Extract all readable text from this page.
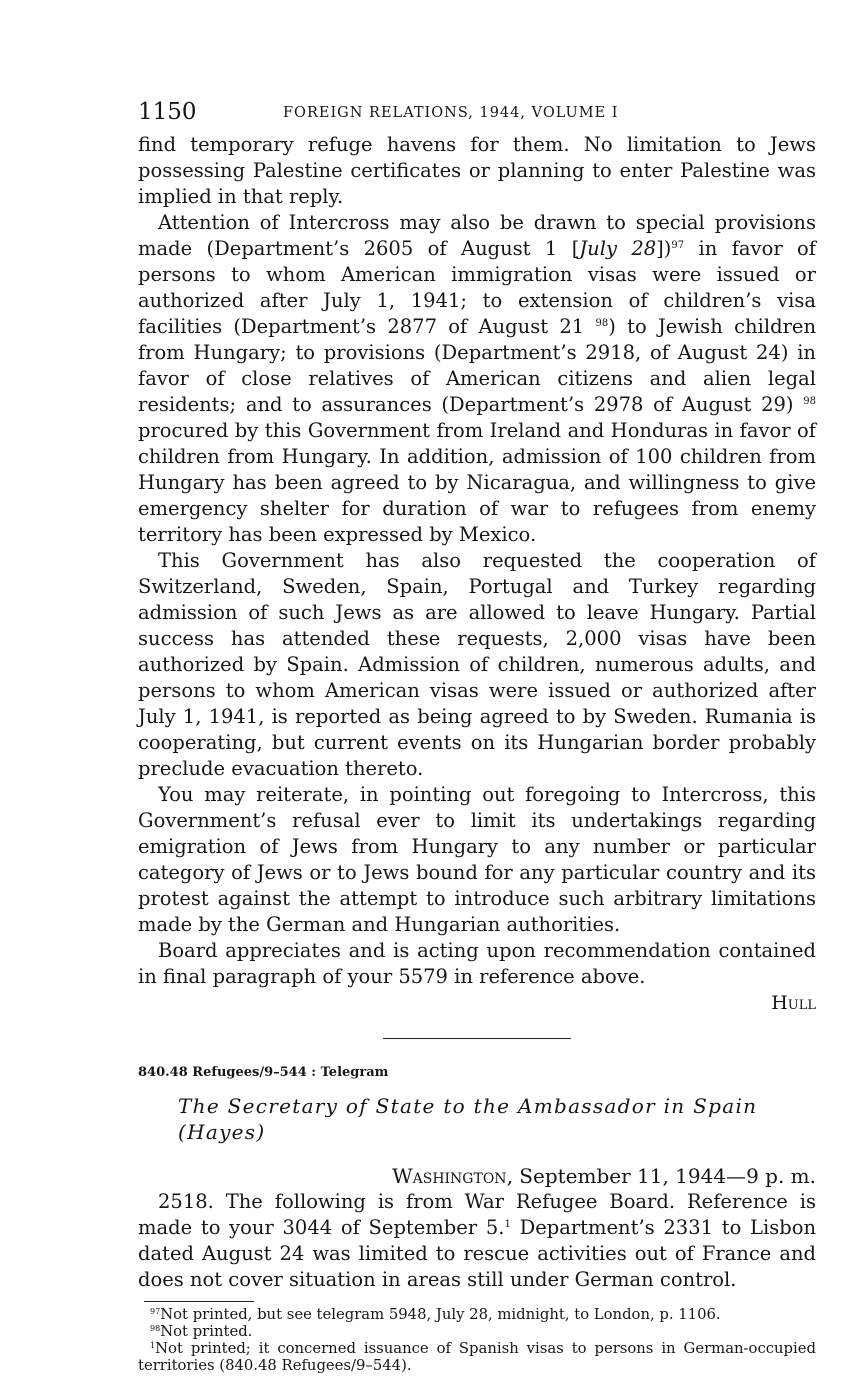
1150	FOREIGN RELATIONS, 1944, VOLUME I

find temporary refuge havens for them. No limitation to Jews possessing Palestine certificates or planning to enter Palestine was implied in that reply.

Attention of Intercross may also be drawn to special provisions made (Department’s 2605 of August 1 [July 28])$^{97}$ in favor of persons to whom American immigration visas were issued or authorized after July 1, 1941; to extension of children’s visa facilities (Department’s 2877 of August 21 $^{98}$) to Jewish children from Hungary; to provisions (Department’s 2918, of August 24) in favor of close relatives of American citizens and alien legal residents; and to assurances (Department’s 2978 of August 29) $^{98}$ procured by this Government from Ireland and Honduras in favor of children from Hungary. In addition, admission of 100 children from Hungary has been agreed to by Nicaragua, and willingness to give emergency shelter for duration of war to refugees from enemy territory has been expressed by Mexico.

This Government has also requested the cooperation of Switzerland, Sweden, Spain, Portugal and Turkey regarding admission of such Jews as are allowed to leave Hungary. Partial success has attended these requests, 2,000 visas have been authorized by Spain. Admission of children, numerous adults, and persons to whom American visas were issued or authorized after July 1, 1941, is reported as being agreed to by Sweden. Rumania is cooperating, but current events on its Hungarian border probably preclude evacuation thereto.

You may reiterate, in pointing out foregoing to Intercross, this Government’s refusal ever to limit its undertakings regarding emigration of Jews from Hungary to any number or particular category of Jews or to Jews bound for any particular country and its protest against the attempt to introduce such arbitrary limitations made by the German and Hungarian authorities.

Board appreciates and is acting upon recommendation contained in final paragraph of your 5579 in reference above.

Hull
840.48 Refugees/9–544 : Telegram
The Secretary of State to the Ambassador in Spain (Hayes)
Washington, September 11, 1944—9 p. m.

2518. The following is from War Refugee Board. Reference is made to your 3044 of September 5.$^1$ Department’s 2331 to Lisbon dated August 24 was limited to rescue activities out of France and does not cover situation in areas still under German control.

$^{97}$Not printed, but see telegram 5948, July 28, midnight, to London, p. 1106.

$^{98}$Not printed.

$^1$Not printed; it concerned issuance of Spanish visas to persons in German-occupied territories (840.48 Refugees/9–544).
